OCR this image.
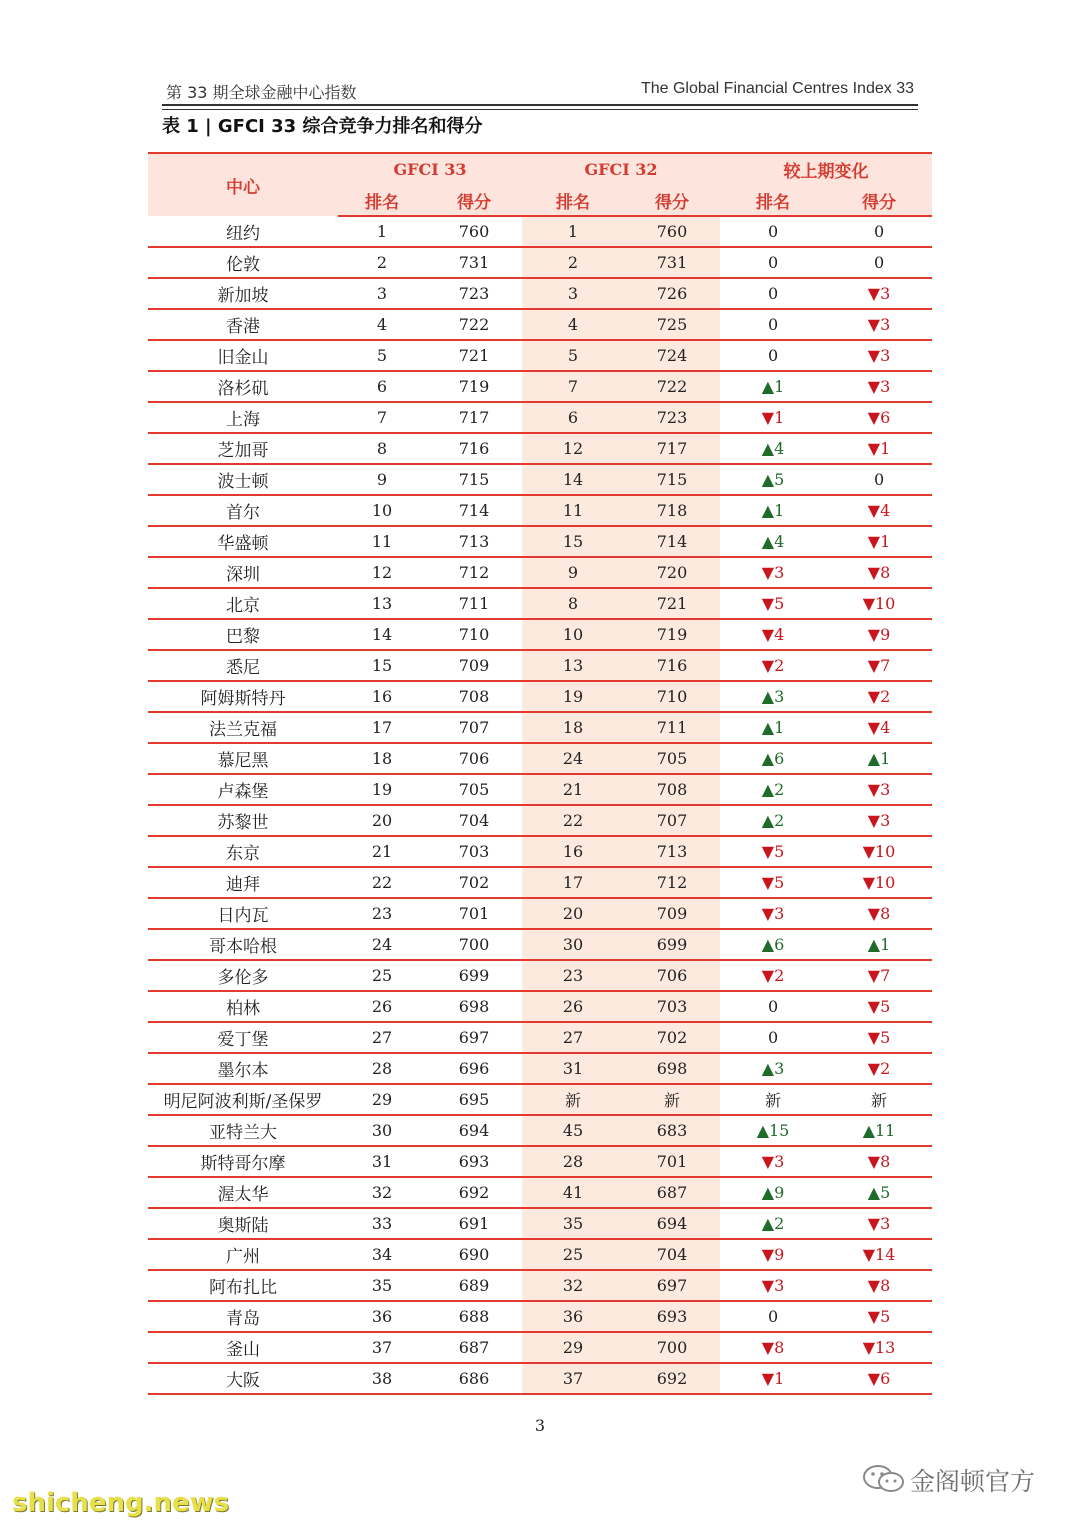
第 33 期全球金融中心指数	The Global Financial Centres Index 33
表 1 | GFCI 33 综合竞争力排名和得分
中心	GFCI 33		GFCI 32		较上期变化	
	排名	得分	排名	得分	排名	得分
纽约	1	760	1	760	0	0
伦敦	2	731	2	731	0	0
新加坡	3	723	3	726	0	▼3
香港	4	722	4	725	0	▼3
旧金山	5	721	5	724	0	▼3
洛杉矶	6	719	7	722	▲1	▼3
上海	7	717	6	723	▼1	▼6
芝加哥	8	716	12	717	▲4	▼1
波士顿	9	715	14	715	▲5	0
首尔	10	714	11	718	▲1	▼4
华盛顿	11	713	15	714	▲4	▼1
深圳	12	712	9	720	▼3	▼8
北京	13	711	8	721	▼5	▼10
巴黎	14	710	10	719	▼4	▼9
悉尼	15	709	13	716	▼2	▼7
阿姆斯特丹	16	708	19	710	▲3	▼2
法兰克福	17	707	18	711	▲1	▼4
慕尼黑	18	706	24	705	▲6	▲1
卢森堡	19	705	21	708	▲2	▼3
苏黎世	20	704	22	707	▲2	▼3
东京	21	703	16	713	▼5	▼10
迪拜	22	702	17	712	▼5	▼10
日内瓦	23	701	20	709	▼3	▼8
哥本哈根	24	700	30	699	▲6	▲1
多伦多	25	699	23	706	▼2	▼7
柏林	26	698	26	703	0	▼5
爱丁堡	27	697	27	702	0	▼5
墨尔本	28	696	31	698	▲3	▼2
明尼阿波利斯/圣保罗	29	695	新	新	新	新
亚特兰大	30	694	45	683	▲15	▲11
斯特哥尔摩	31	693	28	701	▼3	▼8
渥太华	32	692	41	687	▲9	▲5
奥斯陆	33	691	35	694	▲2	▼3
广州	34	690	25	704	▼9	▼14
阿布扎比	35	689	32	697	▼3	▼8
青岛	36	688	36	693	0	▼5
釜山	37	687	29	700	▼8	▼13
大阪	38	686	37	692	▼1	▼6
3
金阁顿官方
shicheng.news
